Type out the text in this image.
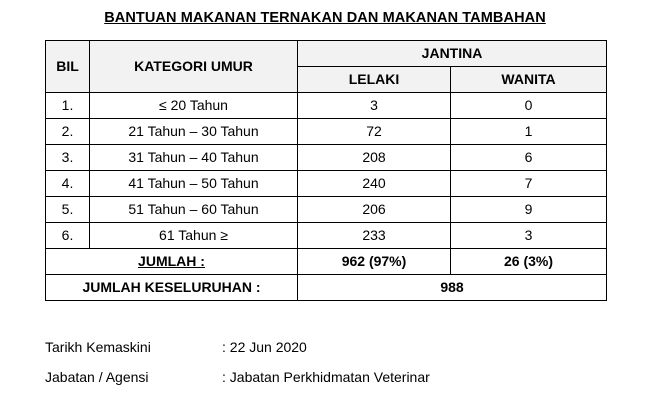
BANTUAN MAKANAN TERNAKAN DAN MAKANAN TAMBAHAN
BIL	KATEGORI UMUR	JANTINA	
		LELAKI	WANITA
1.	≤ 20 Tahun	3	0
2.	21 Tahun – 30 Tahun	72	1
3.	31 Tahun – 40 Tahun	208	6
4.	41 Tahun – 50 Tahun	240	7
5.	51 Tahun – 60 Tahun	206	9
6.	61 Tahun ≥	233	3
JUMLAH :		962 (97%)	26 (3%)
JUMLAH KESELURUHAN :		988	
Tarikh Kemaskini	: 22 Jun 2020
Jabatan / Agensi	: Jabatan Perkhidmatan Veterinar
